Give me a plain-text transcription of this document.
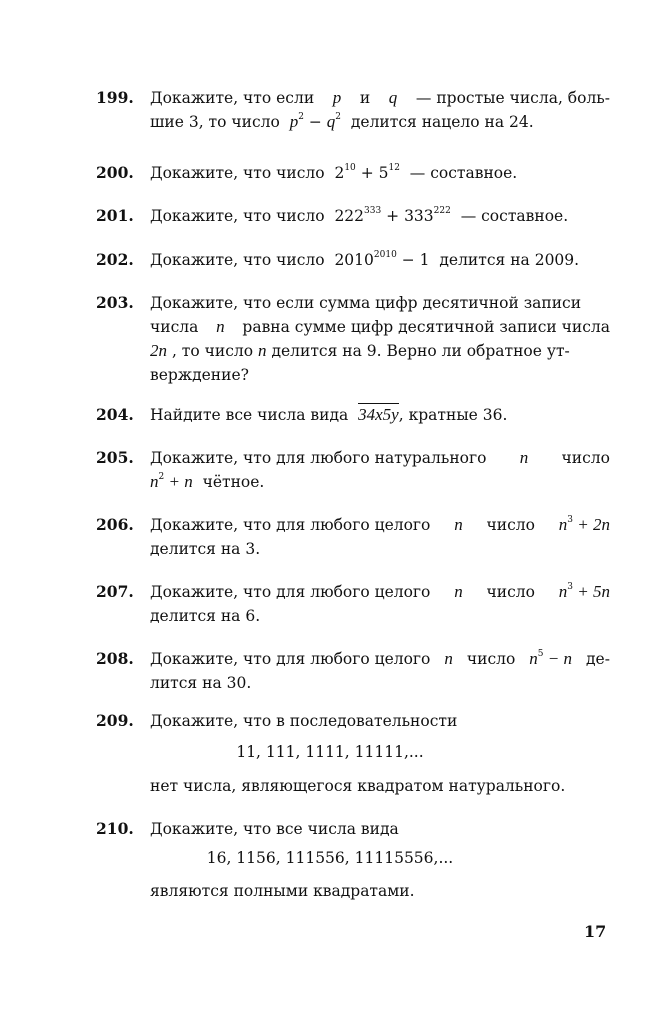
199. Докажите, что если p и q — простые числа, боль-
шие 3, то число $p^2 - q^2$ делится нацело на 24.
200. Докажите, что число $2^{10} + 5^{12}$ — составное.
201. Докажите, что число $222^{333} + 333^{222}$ — составное.
202. Докажите, что число $2010^{2010} - 1$ делится на 2009.
203. Докажите, что если сумма цифр десятичной записи
числа n равна сумме цифр десятичной записи числа
2n , то число n делится на 9. Верно ли обратное ут-
верждение?
204. Найдите все числа вида 34x5y, кратные 36.
205. Докажите, что для любого натурального n число
$n^2 + n$ чётное.
206. Докажите, что для любого целого n число $n^3 + 2n$
делится на 3.
207. Докажите, что для любого целого n число $n^3 + 5n$
делится на 6.
208. Докажите, что для любого целого n число $n^5 - n$ де-
лится на 30.
209. Докажите, что в последовательности
11, 111, 1111, 11111,...
нет числа, являющегося квадратом натурального.
210. Докажите, что все числа вида
16, 1156, 111556, 11115556,...
являются полными квадратами.
17
